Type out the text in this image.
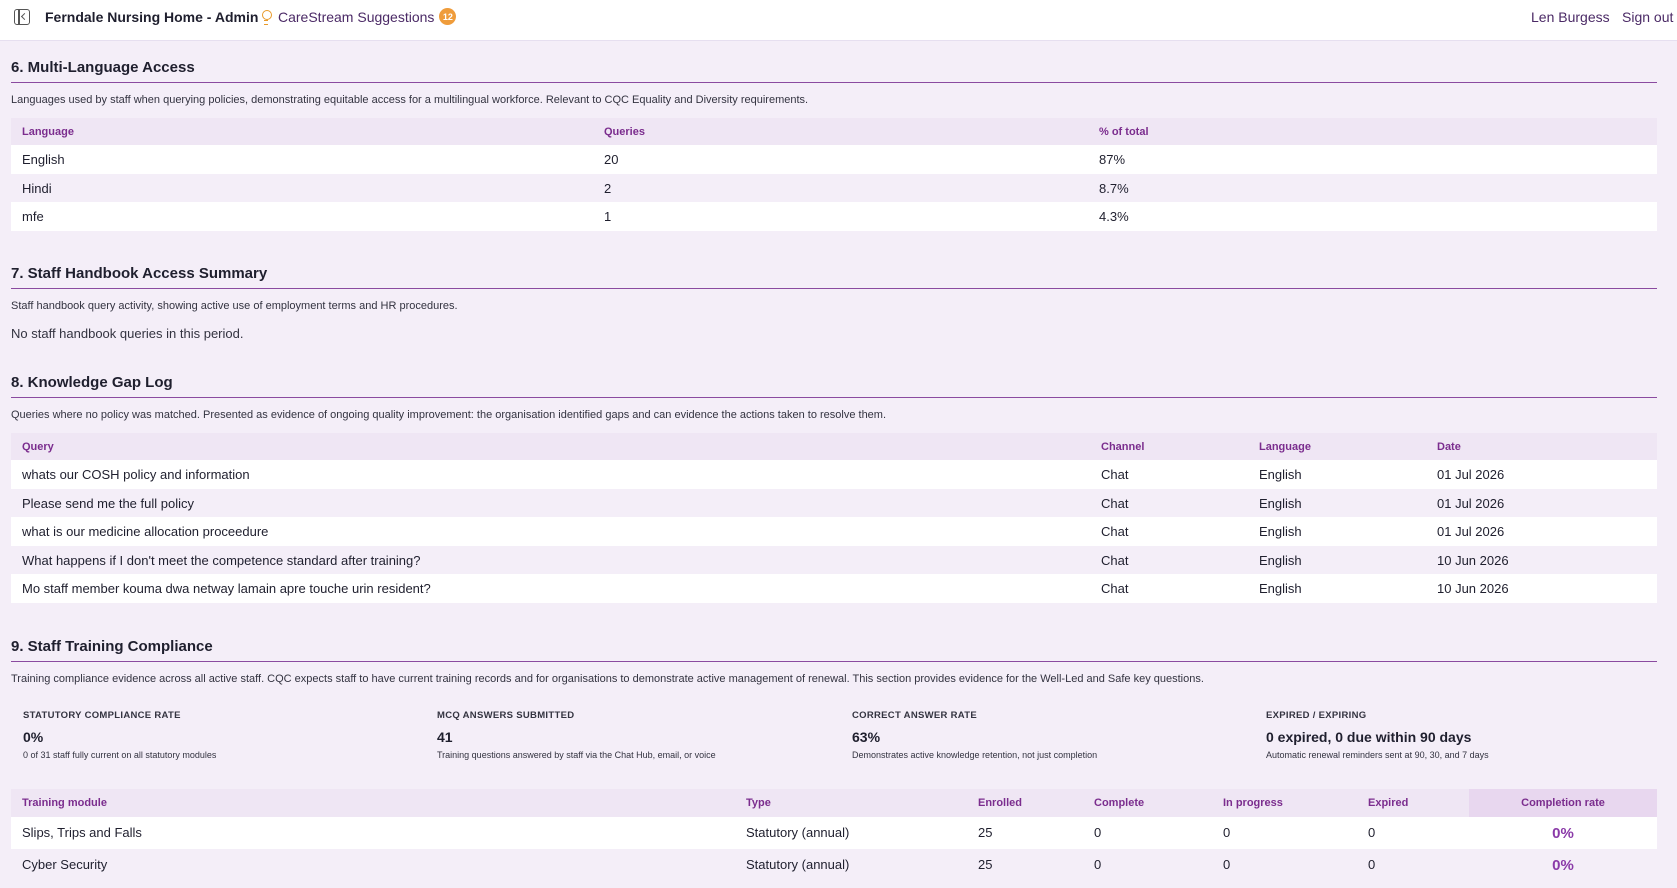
Ferndale Nursing Home - Admin CareStream Suggestions 12	Len Burgess Sign out
6. Multi-Language Access
Languages used by staff when querying policies, demonstrating equitable access for a multilingual workforce. Relevant to CQC Equality and Diversity requirements.
Language	Queries	% of total
English	20	87%
Hindi	2	8.7%
mfe	1	4.3%
7. Staff Handbook Access Summary
Staff handbook query activity, showing active use of employment terms and HR procedures.
No staff handbook queries in this period.
8. Knowledge Gap Log
Queries where no policy was matched. Presented as evidence of ongoing quality improvement: the organisation identified gaps and can evidence the actions taken to resolve them.
Query	Channel	Language	Date
whats our COSH policy and information	Chat	English	01 Jul 2026
Please send me the full policy	Chat	English	01 Jul 2026
what is our medicine allocation proceedure	Chat	English	01 Jul 2026
What happens if I don't meet the competence standard after training?	Chat	English	10 Jun 2026
Mo staff member kouma dwa netway lamain apre touche urin resident?	Chat	English	10 Jun 2026
9. Staff Training Compliance
Training compliance evidence across all active staff. CQC expects staff to have current training records and for organisations to demonstrate active management of renewal. This section provides evidence for the Well-Led and Safe key questions.
STATUTORY COMPLIANCE RATE
0%
0 of 31 staff fully current on all statutory modules
MCQ ANSWERS SUBMITTED
41
Training questions answered by staff via the Chat Hub, email, or voice
CORRECT ANSWER RATE
63%
Demonstrates active knowledge retention, not just completion
EXPIRED / EXPIRING
0 expired, 0 due within 90 days
Automatic renewal reminders sent at 90, 30, and 7 days
Training module	Type	Enrolled	Complete	In progress	Expired	Completion rate
Slips, Trips and Falls	Statutory (annual)	25	0	0	0	0%
Cyber Security	Statutory (annual)	25	0	0	0	0%
